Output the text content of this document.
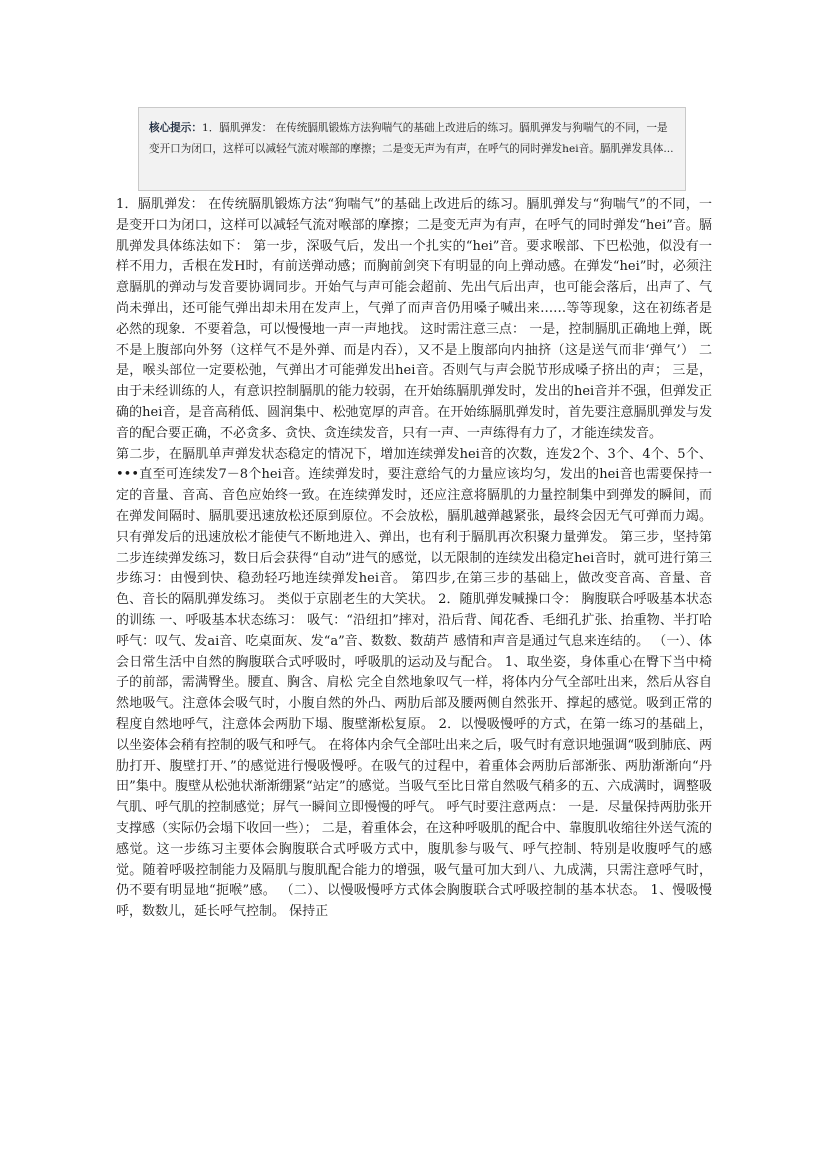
核心提示：1．膈肌弹发： 在传统膈肌锻炼方法狗喘气的基础上改进后的练习。膈肌弹发与狗喘气的不同，一是变开口为闭口，这样可以减轻气流对喉部的摩擦；二是变无声为有声，在呼气的同时弹发hei音。膈肌弹发具体...

1．膈肌弹发： 在传统膈肌锻炼方法“狗喘气”的基础上改进后的练习。膈肌弹发与“狗喘气”的不同，一是变开口为闭口，这样可以减轻气流对喉部的摩擦；二是变无声为有声，在呼气的同时弹发“hei”音。膈肌弹发具体练法如下： 第一步，深吸气后，发出一个扎实的“hei”音。要求喉部、下巴松弛，似没有一样不用力，舌根在发H时，有前送弹动感；而胸前剑突下有明显的向上弹动感。在弹发“hei”时，必须注意膈肌的弹动与发音要协调同步。开始气与声可能会超前、先出气后出声，也可能会落后，出声了、气尚未弹出，还可能气弹出却未用在发声上，气弹了而声音仍用嗓子喊出来……等等现象，这在初练者是必然的现象．不要着急，可以慢慢地一声一声地找。 这时需注意三点： 一是，控制膈肌正确地上弹，既不是上腹部向外努（这样气不是外弹、而是内吞），又不是上腹部向内抽挤（这是送气而非‘弹气’） 二是，喉头部位一定要松弛，气弹出才可能弹发出hei音。否则气与声会脱节形成嗓子挤出的声； 三是，由于未经训练的人，有意识控制膈肌的能力较弱，在开始练膈肌弹发时，发出的hei音并不强，但弹发正确的hei音，是音高稍低、圆润集中、松弛宽厚的声音。在开始练膈肌弹发时，首先要注意膈肌弹发与发音的配合要正确，不必贪多、贪快、贪连续发音，只有一声、一声练得有力了，才能连续发音。

第二步，在膈肌单声弹发状态稳定的情况下，增加连续弹发hei音的次数，连发2个、3个、4个、5个、•••直至可连续发7－8个hei音。连续弹发时，要注意给气的力量应该均匀，发出的hei音也需要保持一定的音量、音高、音色应始终一致。在连续弹发时，还应注意将膈肌的力量控制集中到弹发的瞬间，而在弹发间隔时、膈肌要迅速放松还原到原位。不会放松，膈肌越弹越紧张，最终会因无气可弹而力竭。只有弹发后的迅速放松才能使气不断地进入、弹出，也有利于膈肌再次积聚力量弹发。 第三步，坚持第二步连续弹发练习，数日后会获得“自动”进气的感觉，以无限制的连续发出稳定hei音时，就可进行第三步练习：由慢到快、稳劲轻巧地连续弹发hei音。 第四步,在第三步的基础上，做改变音高、音量、音色、音长的隔肌弹发练习。 类似于京剧老生的大笑状。 2．随肌弹发喊操口令： 胸腹联合呼吸基本状态的训练 一、呼吸基本状态练习： 吸气：“沿纽扣”摔对，沿后背、闻花香、毛细孔扩张、抬重物、半打哈 呼气：叹气、发ai音、吃桌面灰、发“a”音、数数、数葫芦 感情和声音是通过气息来连结的。 （一）、体会日常生活中自然的胸腹联合式呼吸时，呼吸肌的运动及与配合。 1、取坐姿，身体重心在臀下当中椅子的前部，需满臀坐。腰直、胸含、肩松 完全自然地象叹气一样，将体内分气全部吐出来，然后从容自然地吸气。注意体会吸气时，小腹自然的外凸、两肋后部及腰两侧自然张开、撑起的感觉。吸到正常的程度自然地呼气，注意体会两肋下塌、腹壁渐松复原。 2．以慢吸慢呼的方式，在第一练习的基础上，以坐姿体会稍有控制的吸气和呼气。 在将体内余气全部吐出来之后，吸气时有意识地强调“吸到肺底、两肋打开、腹壁打开、”的感觉进行慢吸慢呼。在吸气的过程中，着重体会两肋后部渐张、两肋渐渐向“丹田”集中。腹壁从松弛状渐渐绷紧“站定”的感觉。当吸气至比日常自然吸气稍多的五、六成满时，调整吸气肌、呼气肌的控制感觉；屏气一瞬间立即慢慢的呼气。 呼气时要注意两点： 一是．尽量保持两肋张开支撑感（实际仍会塌下收回一些）； 二是，着重体会，在这种呼吸肌的配合中、靠腹肌收缩往外送气流的感觉。这一步练习主要体会胸腹联合式呼吸方式中，腹肌参与吸气、呼气控制、特别是收腹呼气的感觉。随着呼吸控制能力及隔肌与腹肌配合能力的增强，吸气量可加大到八、九成满，只需注意呼气时，仍不要有明显地“扼喉”感。 （二）、以慢吸慢呼方式体会胸腹联合式呼吸控制的基本状态。 1、慢吸慢呼，数数儿，延长呼气控制。 保持正
